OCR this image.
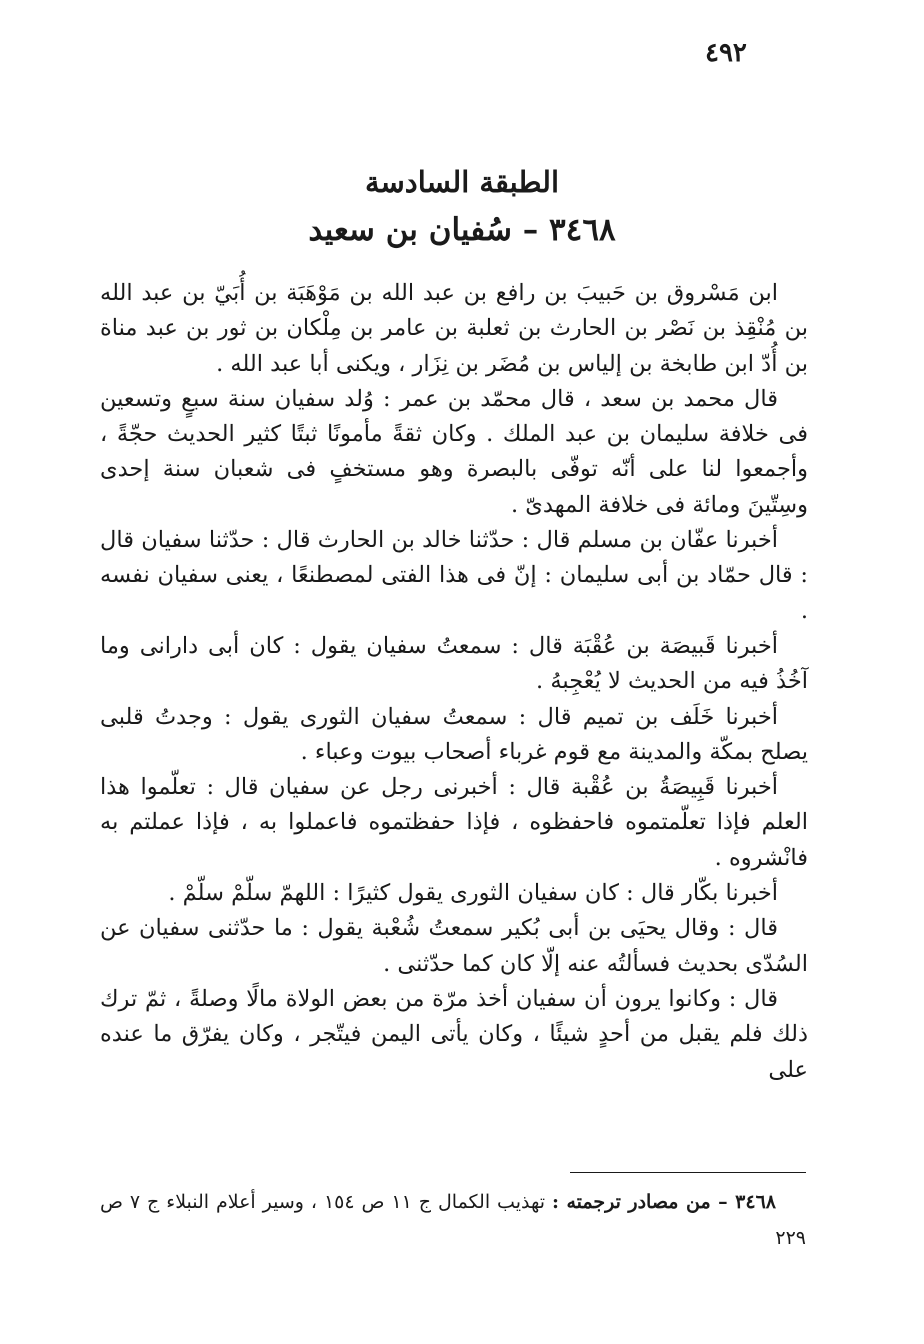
٤٩٢
الطبقة السادسة
٣٤٦٨ – سُفيان بن سعيد

ابن مَسْروق بن حَبيبَ بن رافع بن عبد الله بن مَوْهَبَة بن أُبَيّ بن عبد الله بن مُنْقِذ بن نَصْر بن الحارث بن ثعلبة بن عامر بن مِلْكان بن ثور بن عبد مناة بن أُدّ ابن طابخة بن إلياس بن مُضَر بن نِزَار ، ويكنى أبا عبد الله .

قال محمد بن سعد ، قال محمّد بن عمر : وُلد سفيان سنة سبعٍ وتسعين فى خلافة سليمان بن عبد الملك . وكان ثقةً مأمونًا ثبتًا كثير الحديث حجّةً ، وأجمعوا لنا على أنّه توفّى بالبصرة وهو مستخفٍ فى شعبان سنة إحدى وسِتّينَ ومائة فى خلافة المهدىّ .

أخبرنا عفّان بن مسلم قال : حدّثنا خالد بن الحارث قال : حدّثنا سفيان قال : قال حمّاد بن أبى سليمان : إنّ فى هذا الفتى لمصطنعًا ، يعنى سفيان نفسه .

أخبرنا قَبيصَة بن عُقْبَة قال : سمعتُ سفيان يقول : كان أبى دارانى وما آخُذُ فيه من الحديث لا يُعْجِبهُ .

أخبرنا خَلَف بن تميم قال : سمعتُ سفيان الثورى يقول : وجدتُ قلبى يصلح بمكّة والمدينة مع قوم غرباء أصحاب بيوت وعباء .

أخبرنا قَبِيصَةُ بن عُقْبة قال : أخبرنى رجل عن سفيان قال : تعلّموا هذا العلم فإذا تعلّمتموه فاحفظوه ، فإذا حفظتموه فاعملوا به ، فإذا عملتم به فانْشروه .

أخبرنا بكّار قال : كان سفيان الثورى يقول كثيرًا : اللهمّ سلّمْ سلّمْ .

قال : وقال يحيَى بن أبى بُكير سمعتُ شُعْبة يقول : ما حدّثنى سفيان عن السُدّى بحديث فسألتُه عنه إلّا كان كما حدّثنى .

قال : وكانوا يرون أن سفيان أخذ مرّة من بعض الولاة مالًا وصلةً ، ثمّ ترك ذلك فلم يقبل من أحدٍ شيئًا ، وكان يأتى اليمن فيتّجر ، وكان يفرّق ما عنده على

٣٤٦٨ – من مصادر ترجمته : تهذيب الكمال ج ١١ ص ١٥٤ ، وسير أعلام النبلاء ج ٧ ص ٢٢٩
